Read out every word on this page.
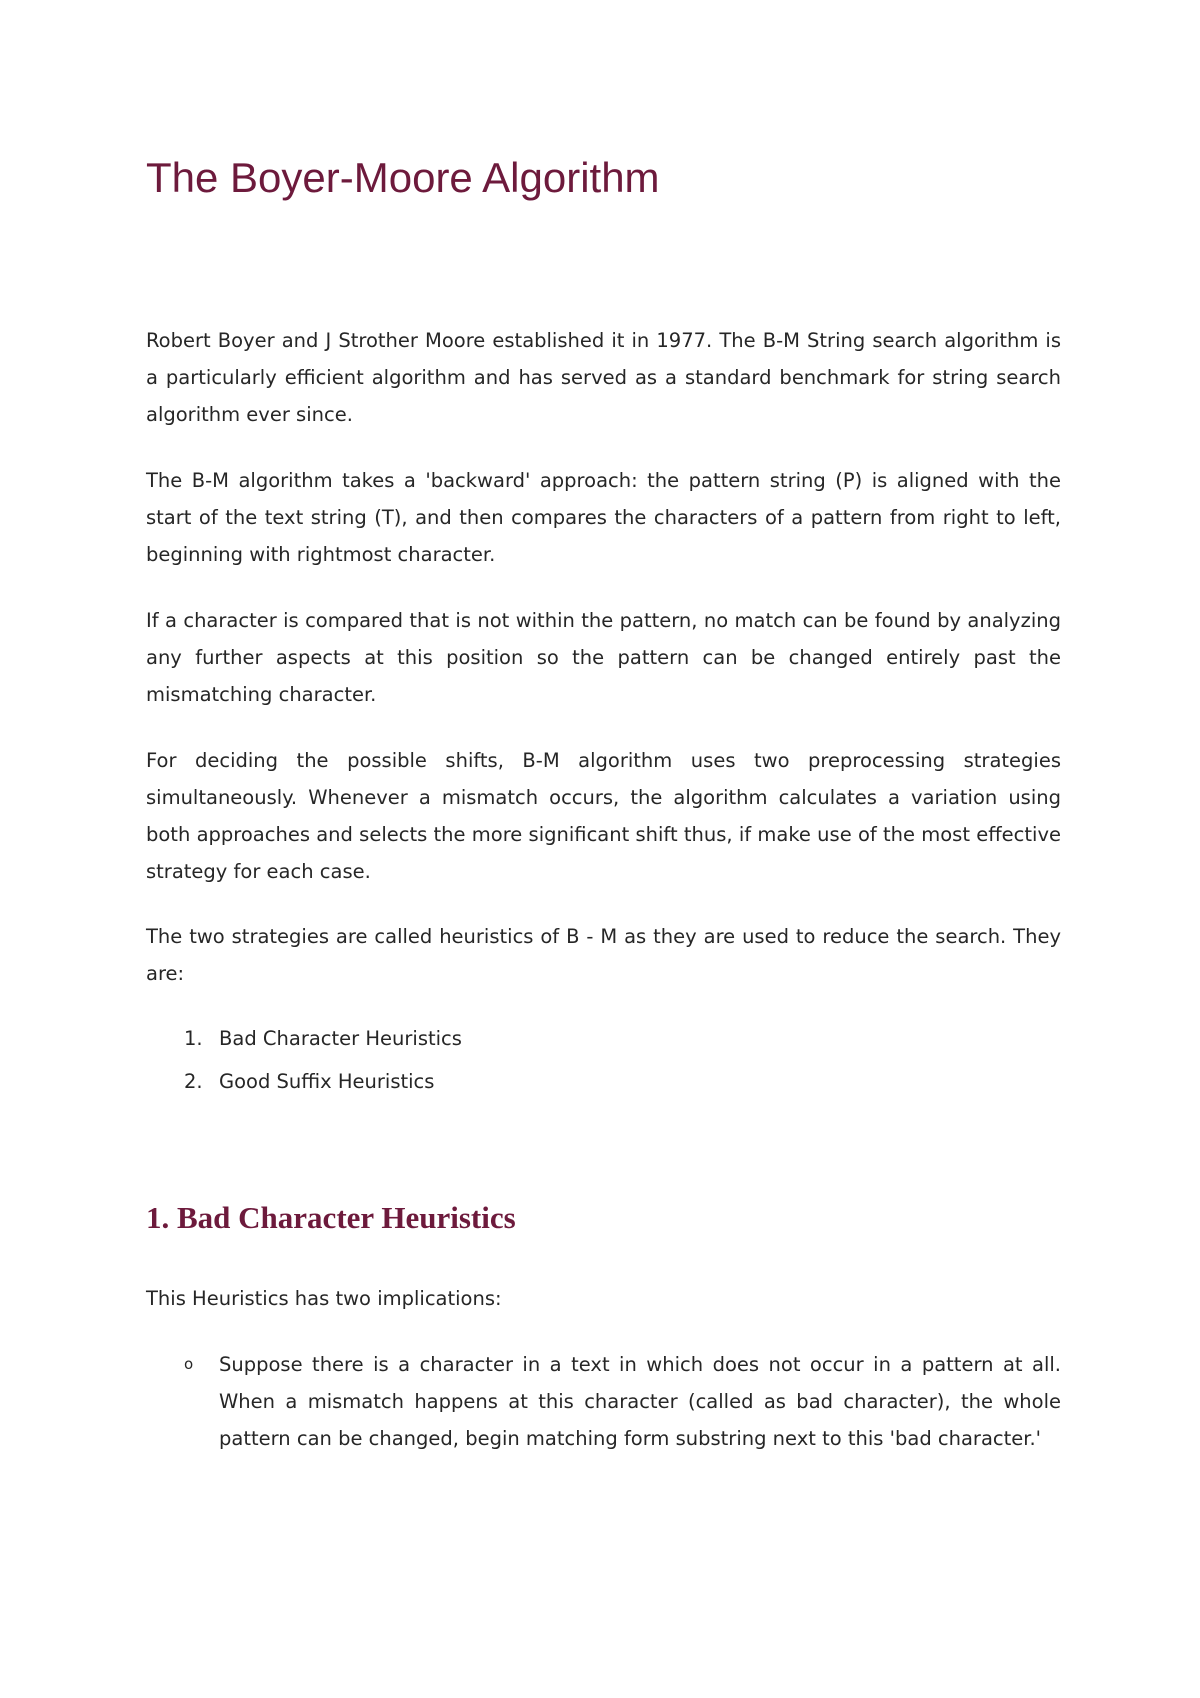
The Boyer-Moore Algorithm

Robert Boyer and J Strother Moore established it in 1977. The B-M String search algorithm is a particularly efficient algorithm and has served as a standard benchmark for string search algorithm ever since.

The B-M algorithm takes a 'backward' approach: the pattern string (P) is aligned with the start of the text string (T), and then compares the characters of a pattern from right to left, beginning with rightmost character.

If a character is compared that is not within the pattern, no match can be found by analyzing any further aspects at this position so the pattern can be changed entirely past the mismatching character.

For deciding the possible shifts, B-M algorithm uses two preprocessing strategies simultaneously. Whenever a mismatch occurs, the algorithm calculates a variation using both approaches and selects the more significant shift thus, if make use of the most effective strategy for each case.

The two strategies are called heuristics of B - M as they are used to reduce the search. They are:

1. Bad Character Heuristics
2. Good Suffix Heuristics
1. Bad Character Heuristics

This Heuristics has two implications:

o Suppose there is a character in a text in which does not occur in a pattern at all. When a mismatch happens at this character (called as bad character), the whole pattern can be changed, begin matching form substring next to this 'bad character.'
